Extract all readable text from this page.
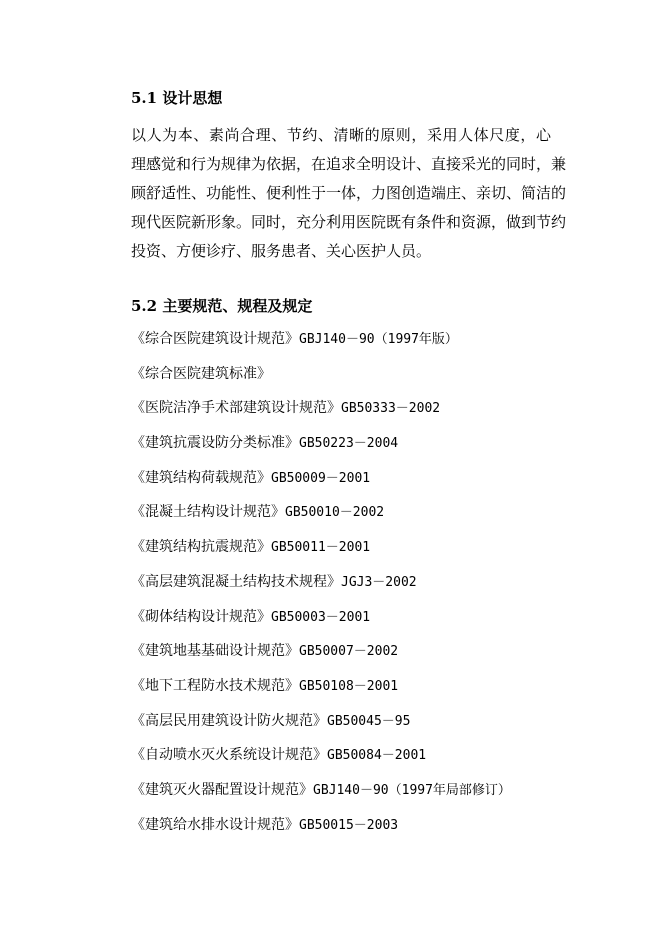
5.1 设计思想

以人为本、素尚合理、节约、清晰的原则，采用人体尺度，心
理感觉和行为规律为依据，在追求全明设计、直接采光的同时，兼
顾舒适性、功能性、便利性于一体，力图创造端庄、亲切、简洁的
现代医院新形象。同时，充分利用医院既有条件和资源，做到节约
投资、方便诊疗、服务患者、关心医护人员。

5.2 主要规范、规程及规定
《综合医院建筑设计规范》GBJ140－90（1997年版）
《综合医院建筑标准》
《医院洁净手术部建筑设计规范》GB50333－2002
《建筑抗震设防分类标准》GB50223－2004
《建筑结构荷载规范》GB50009－2001
《混凝土结构设计规范》GB50010－2002
《建筑结构抗震规范》GB50011－2001
《高层建筑混凝土结构技术规程》JGJ3－2002
《砌体结构设计规范》GB50003－2001
《建筑地基基础设计规范》GB50007－2002
《地下工程防水技术规范》GB50108－2001
《高层民用建筑设计防火规范》GB50045－95
《自动喷水灭火系统设计规范》GB50084－2001
《建筑灭火器配置设计规范》GBJ140－90（1997年局部修订）
《建筑给水排水设计规范》GB50015－2003
